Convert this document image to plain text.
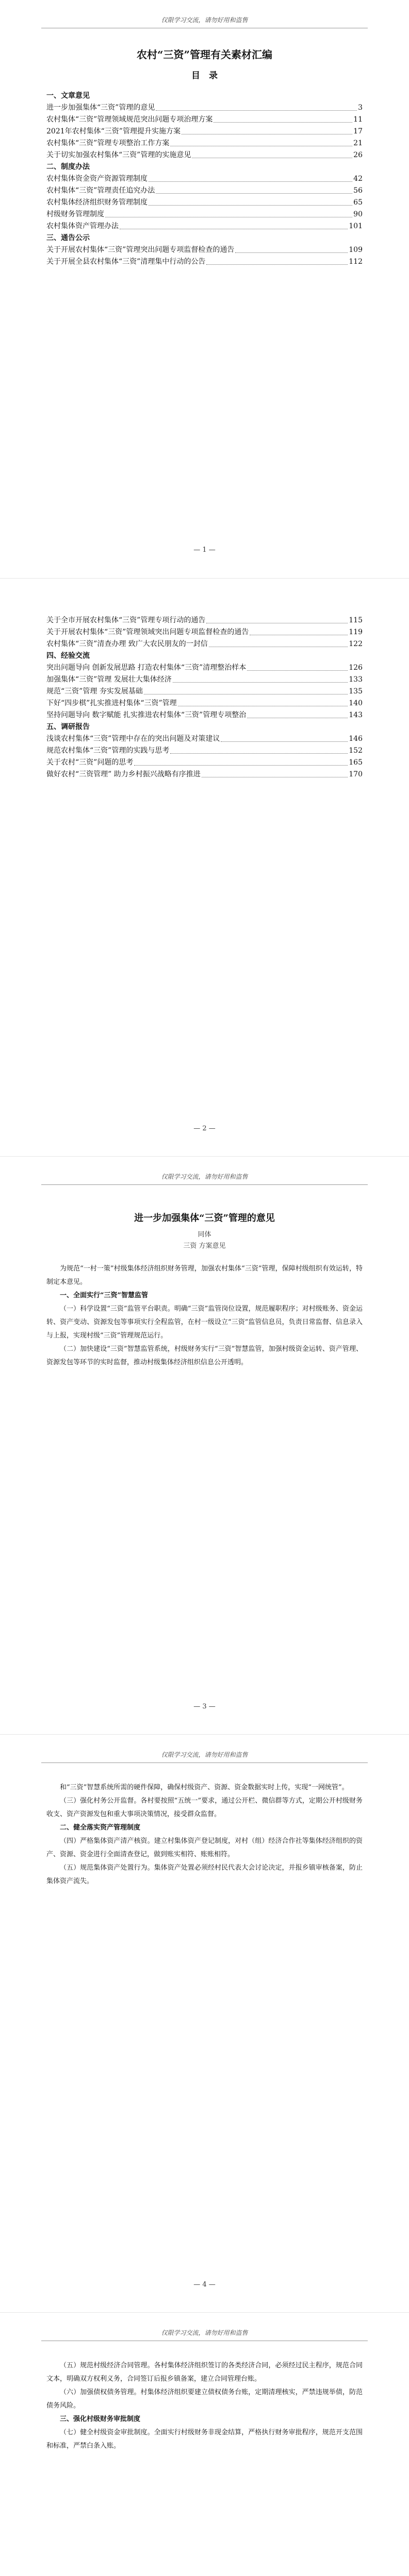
仅限学习交流，请勿好用和盗售
农村“三资”管理有关素材汇编
目　录
一、文章意见
进一步加强集体“三资”管理的意见	3
农村集体“三资”管理领域规范突出问题专项治理方案	11
2021年农村集体“三资”管理提升实施方案	17
农村集体“三资”管理专项整治工作方案	21
关于切实加强农村集体“三资”管理的实施意见	26
二、制度办法
农村集体资金资产资源管理制度	42
农村集体“三资”管理责任追究办法	56
农村集体经济组织财务管理制度	65
村级财务管理制度	90
农村集体资产管理办法	101
三、通告公示
关于开展农村集体“三资”管理突出问题专项监督检查的通告	109
关于开展全县农村集体“三资”清理集中行动的公告	112
— 1 —
关于全市开展农村集体“三资”管理专项行动的通告	115
关于开展农村集体“三资”管理领域突出问题专项监督检查的通告	119
农村集体“三资”清查办理 致广大农民朋友的一封信	122
四、经验交流
突出问题导向 创新发展思路 打造农村集体“三资”清理整治样本	126
加强集体“三资”管理 发展壮大集体经济	133
规范“三资”管理 夯实发展基础	135
下好“四步棋”扎实推进村集体“三资”管理	140
坚持问题导向 数字赋能 扎实推进农村集体“三资”管理专项整治	143
五、调研报告
浅谈农村集体“三资”管理中存在的突出问题及对策建议	146
规范农村集体“三资”管理的实践与思考	152
关于农村“三资”问题的思考	165
做好农村“三资管理” 助力乡村振兴战略有序推进	170
— 2 —
仅限学习交流，请勿好用和盗售
进一步加强集体“三资”管理的意见
同体
三资 方案意见

为规范“一村一策”村级集体经济组织财务管理，加强农村集体“三资”管理，保障村级组织有效运转，特制定本意见。

一、全面实行“三资”智慧监管

（一）科学设置“三资”监管平台职责。明确“三资”监管岗位设置，规范履职程序；对村级账务、资金运转、资产变动、资源发包等事项实行全程监管，在村一级设立“三资”监管信息员，负责日常监督、信息录入与上报，实现村级“三资”管理规范运行。

（二）加快建设“三资”智慧监管系统，村级财务实行“三资”智慧监管，加强村级资金运转、资产管理、资源发包等环节的实时监督，推动村级集体经济组织信息公开透明。

— 3 —
仅限学习交流，请勿好用和盗售

和“三资”智慧系统所需的硬件保障，确保村级资产、资源、资金数据实时上传，实现“一网统管”。

（三）强化村务公开监督。各村要按照“五统一”要求，通过公开栏、微信群等方式，定期公开村级财务收支、资产资源发包和重大事项决策情况，接受群众监督。

二、健全落实资产管理制度

（四）严格集体资产清产核资。建立村集体资产登记制度，对村（组）经济合作社等集体经济组织的资产、资源、资金进行全面清查登记，做到账实相符、账账相符。

（五）规范集体资产处置行为。集体资产处置必须经村民代表大会讨论决定，并报乡镇审核备案，防止集体资产流失。

— 4 —
仅限学习交流，请勿好用和盗售

（五）规范村级经济合同管理。各村集体经济组织签订的各类经济合同，必须经过民主程序，规范合同文本，明确双方权利义务，合同签订后报乡镇备案，建立合同管理台账。

（六）加强债权债务管理。村集体经济组织要建立债权债务台账，定期清理核实，严禁违规举债，防范债务风险。

三、强化村级财务审批制度

（七）健全村级资金审批制度。全面实行村级财务非现金结算，严格执行财务审批程序，规范开支范围和标准，严禁白条入账。
